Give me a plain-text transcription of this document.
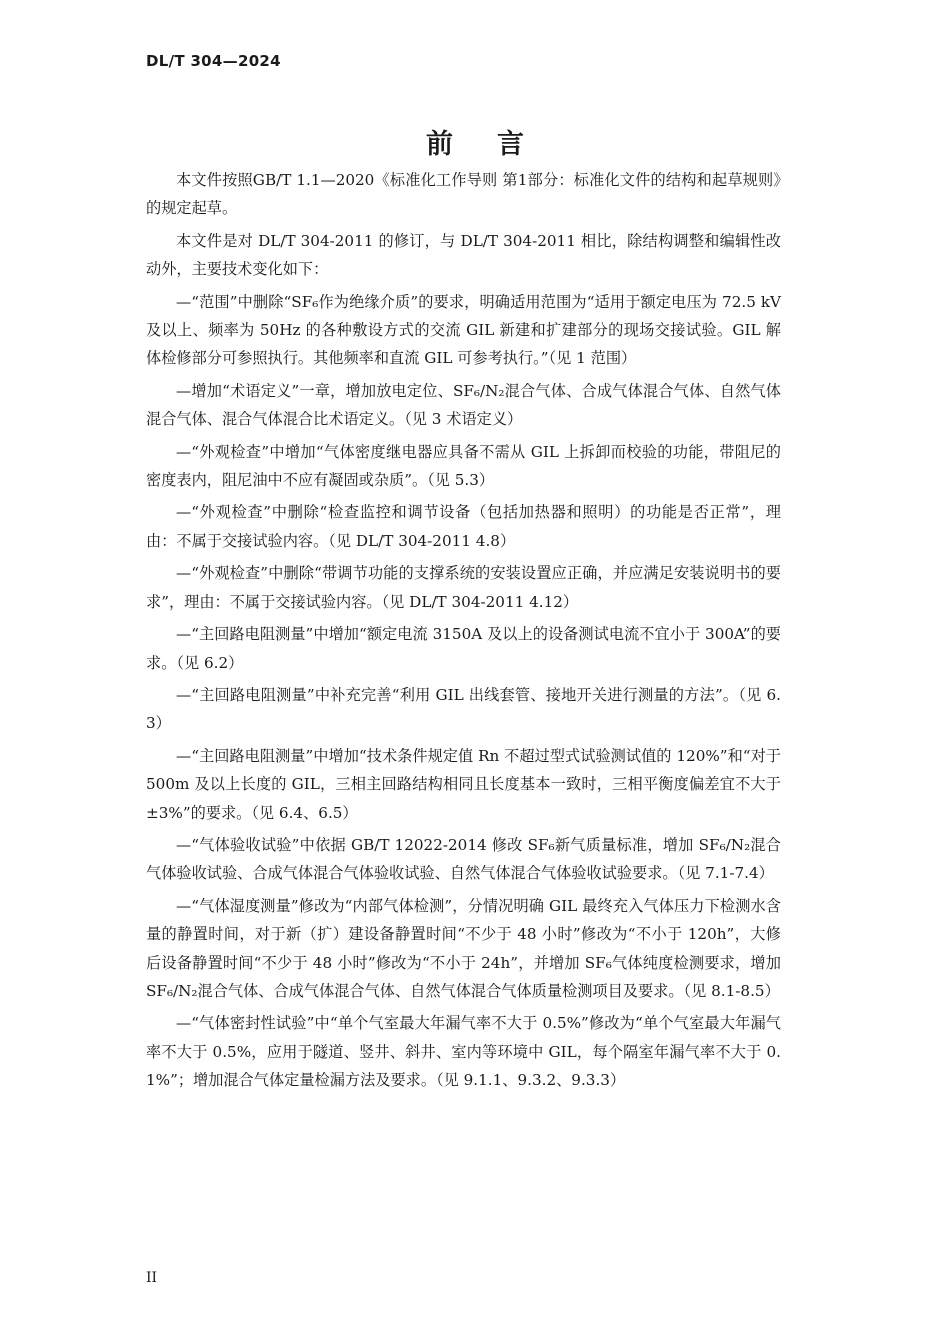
DL/T 304—2024
前 言

本文件按照GB/T 1.1—2020《标准化工作导则 第1部分：标准化文件的结构和起草规则》的规定起草。

本文件是对 DL/T 304-2011 的修订，与 DL/T 304-2011 相比，除结构调整和编辑性改动外，主要技术变化如下：

—“范围”中删除“SF₆作为绝缘介质”的要求，明确适用范围为“适用于额定电压为 72.5 kV 及以上、频率为 50Hz 的各种敷设方式的交流 GIL 新建和扩建部分的现场交接试验。GIL 解体检修部分可参照执行。其他频率和直流 GIL 可参考执行。”（见 1 范围）

—增加“术语定义”一章，增加放电定位、SF₆/N₂混合气体、合成气体混合气体、自然气体混合气体、混合气体混合比术语定义。（见 3 术语定义）

—“外观检查”中增加“气体密度继电器应具备不需从 GIL 上拆卸而校验的功能，带阻尼的密度表内，阻尼油中不应有凝固或杂质”。（见 5.3）

—“外观检查”中删除“检查监控和调节设备（包括加热器和照明）的功能是否正常”，理由：不属于交接试验内容。（见 DL/T 304-2011 4.8）

—“外观检查”中删除“带调节功能的支撑系统的安装设置应正确，并应满足安装说明书的要求”，理由：不属于交接试验内容。（见 DL/T 304-2011 4.12）

—“主回路电阻测量”中增加“额定电流 3150A 及以上的设备测试电流不宜小于 300A”的要求。（见 6.2）

—“主回路电阻测量”中补充完善“利用 GIL 出线套管、接地开关进行测量的方法”。（见 6.3）

—“主回路电阻测量”中增加“技术条件规定值 Rn 不超过型式试验测试值的 120%”和“对于 500m 及以上长度的 GIL，三相主回路结构相同且长度基本一致时，三相平衡度偏差宜不大于±3%”的要求。（见 6.4、6.5）

—“气体验收试验”中依据 GB/T 12022-2014 修改 SF₆新气质量标准，增加 SF₆/N₂混合气体验收试验、合成气体混合气体验收试验、自然气体混合气体验收试验要求。（见 7.1-7.4）

—“气体湿度测量”修改为“内部气体检测”，分情况明确 GIL 最终充入气体压力下检测水含量的静置时间，对于新（扩）建设备静置时间“不少于 48 小时”修改为“不小于 120h”，大修后设备静置时间“不少于 48 小时”修改为“不小于 24h”，并增加 SF₆气体纯度检测要求，增加 SF₆/N₂混合气体、合成气体混合气体、自然气体混合气体质量检测项目及要求。（见 8.1-8.5）

—“气体密封性试验”中“单个气室最大年漏气率不大于 0.5%”修改为“单个气室最大年漏气率不大于 0.5%，应用于隧道、竖井、斜井、室内等环境中 GIL，每个隔室年漏气率不大于 0.1%”；增加混合气体定量检漏方法及要求。（见 9.1.1、9.3.2、9.3.3）

II
